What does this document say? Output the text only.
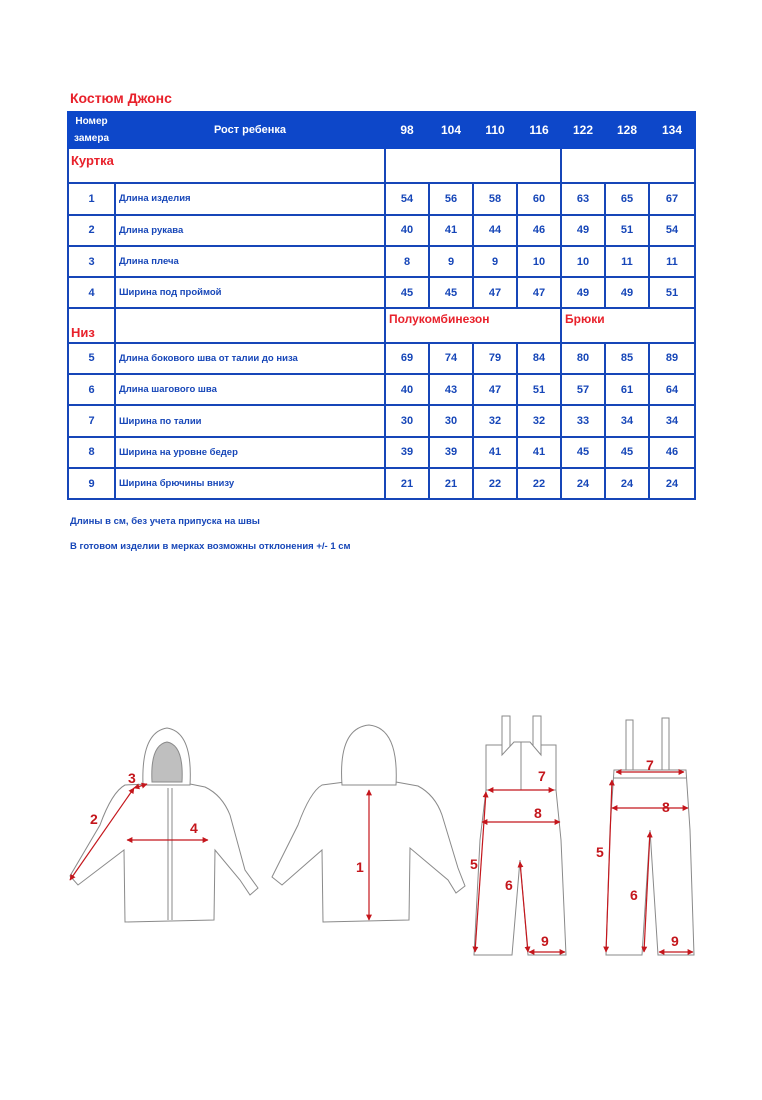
Костюм Джонс
Номер замера	Рост ребенка	98	104	110	116	122	128	134
Куртка								
1	Длина изделия	54	56	58	60	63	65	67
2	Длина рукава	40	41	44	46	49	51	54
3	Длина плеча	8	9	9	10	10	11	11
4	Ширина под проймой	45	45	47	47	49	49	51
Низ		Полукомбинезон				Брюки		
5	Длина бокового шва от талии до низа	69	74	79	84	80	85	89
6	Длина шагового шва	40	43	47	51	57	61	64
7	Ширина по талии	30	30	32	32	33	34	34
8	Ширина на уровне бедер	39	39	41	41	45	45	46
9	Ширина брючины внизу	21	21	22	22	24	24	24
Длины в см, без учета припуска на швы
В готовом изделии в мерках возможны отклонения +/- 1 см
2
3
4
1
7
8
5
6
9
7
8
5
6
9
